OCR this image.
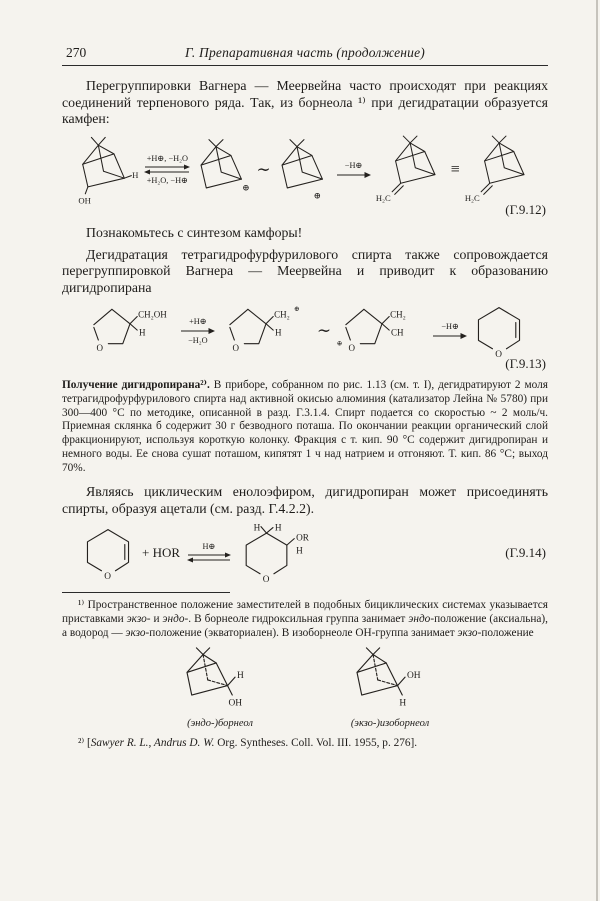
270	Г. Препаративная часть (продолжение)

Перегруппировки Вагнера — Меервейна часто происходят при реакциях соединений терпенового ряда. Так, из борнеола ¹⁾ при дегидратации образуется камфен:

OH
H
+H⊕, −H₂O
+H₂O, −H⊕
⊕
∼
⊕
−H⊕
H₂C
≡
H₂C
(Г.9.12)

Познакомьтесь с синтезом камфоры!

Дегидратация тетрагидрофурфурилового спирта также сопровождается перегруппировкой Вагнера — Меервейна и приводит к образованию дигидропирана

O
CH₂OH
H
+H⊕
−H₂O
O
CH₂ ⊕
H ∼
⊕ O
CH₂
CH
−H⊕
O
(Г.9.13)

Получение дигидропирана²⁾. В приборе, собранном по рис. 1.13 (см. т. I), дегидратируют 2 моля тетрагидрофурфурилового спирта над активной окисью алюминия (катализатор Лейна № 5780) при 300—400 °С по методике, описанной в разд. Г.3.1.4. Спирт подается со скоростью ~ 2 моль/ч. Приемная склянка б содержит 30 г безводного поташа. По окончании реакции органический слой фракционируют, используя короткую колонку. Фракция с т. кип. 90 °С содержит дигидропиран и немного воды. Ее снова сушат поташом, кипятят 1 ч над натрием и отгоняют. Т. кип. 86 °С; выход 70%.

Являясь циклическим енолоэфиром, дигидропиран может присоединять спирты, образуя ацетали (см. разд. Г.4.2.2).

O
+ HOR	H⊕
H H
O
OR
H	(Г.9.14)

¹⁾ Пространственное положение заместителей в подобных бициклических системах указывается приставками экзо- и эндо-. В борнеоле гидроксильная группа занимает эндо-положение (аксиальна), а водород — экзо-положение (экваториален). В изоборнеоле ОН-группа занимает экзо-положение

H
OH
(эндо-)борнеол
OH
H
(экзо-)изоборнеол

²⁾ [Sawyer R. L., Andrus D. W. Org. Syntheses. Coll. Vol. III. 1955, p. 276].
